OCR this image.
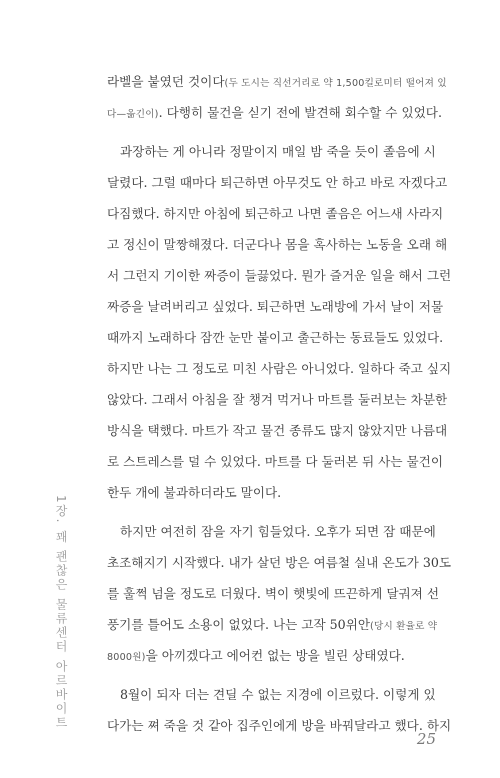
라벨을 붙였던 것이다(두 도시는 직선거리로 약 1,500킬로미터 떨어져 있
다—옮긴이). 다행히 물건을 싣기 전에 발견해 회수할 수 있었다.
과장하는 게 아니라 정말이지 매일 밤 죽을 듯이 졸음에 시
달렸다. 그럴 때마다 퇴근하면 아무것도 안 하고 바로 자겠다고
다짐했다. 하지만 아침에 퇴근하고 나면 졸음은 어느새 사라지
고 정신이 말짱해졌다. 더군다나 몸을 혹사하는 노동을 오래 해
서 그런지 기이한 짜증이 들끓었다. 뭔가 즐거운 일을 해서 그런
짜증을 날려버리고 싶었다. 퇴근하면 노래방에 가서 날이 저물
때까지 노래하다 잠깐 눈만 붙이고 출근하는 동료들도 있었다.
하지만 나는 그 정도로 미친 사람은 아니었다. 일하다 죽고 싶지
않았다. 그래서 아침을 잘 챙겨 먹거나 마트를 둘러보는 차분한
방식을 택했다. 마트가 작고 물건 종류도 많지 않았지만 나름대
로 스트레스를 덜 수 있었다. 마트를 다 둘러본 뒤 사는 물건이
한두 개에 불과하더라도 말이다.
하지만 여전히 잠을 자기 힘들었다. 오후가 되면 잠 때문에
초조해지기 시작했다. 내가 살던 방은 여름철 실내 온도가 30도
를 훌쩍 넘을 정도로 더웠다. 벽이 햇빛에 뜨끈하게 달궈져 선
풍기를 틀어도 소용이 없었다. 나는 고작 50위안(당시 환율로 약
8000원)을 아끼겠다고 에어컨 없는 방을 빌린 상태였다.
8월이 되자 더는 견딜 수 없는 지경에 이르렀다. 이렇게 있
다가는 쪄 죽을 것 같아 집주인에게 방을 바꿔달라고 했다. 하지
1장. 꽤 괜찮은 물류센터 아르바이트
25
